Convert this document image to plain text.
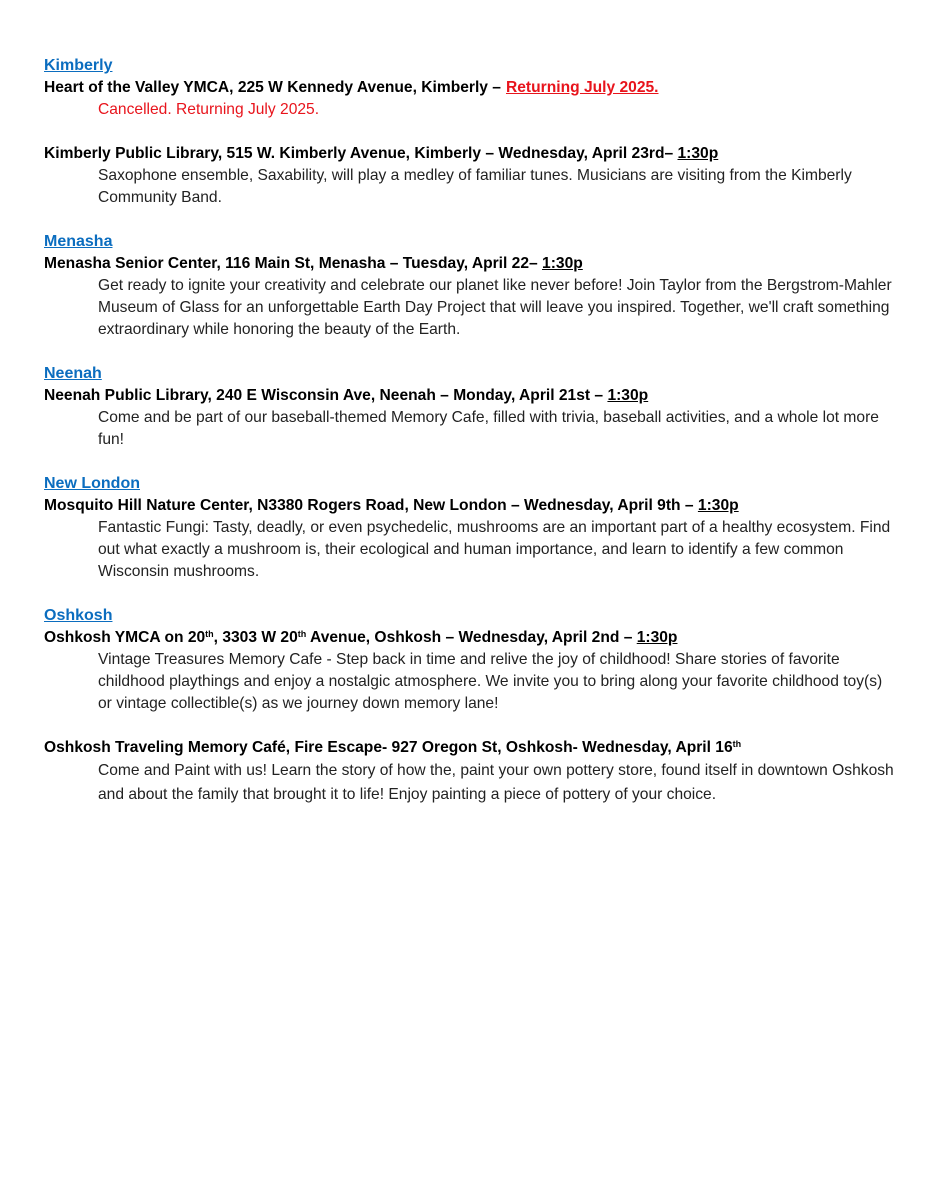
Kimberly
Heart of the Valley YMCA, 225 W Kennedy Avenue, Kimberly – Returning July 2025.
Cancelled. Returning July 2025.
Kimberly Public Library, 515 W. Kimberly Avenue, Kimberly – Wednesday, April 23rd– 1:30p
Saxophone ensemble, Saxability, will play a medley of familiar tunes. Musicians are visiting from the Kimberly Community Band.
Menasha
Menasha Senior Center, 116 Main St, Menasha – Tuesday, April 22– 1:30p
Get ready to ignite your creativity and celebrate our planet like never before! Join Taylor from the Bergstrom-Mahler Museum of Glass for an unforgettable Earth Day Project that will leave you inspired. Together, we'll craft something extraordinary while honoring the beauty of the Earth.
Neenah
Neenah Public Library, 240 E Wisconsin Ave, Neenah – Monday, April 21st – 1:30p
Come and be part of our baseball-themed Memory Cafe, filled with trivia, baseball activities, and a whole lot more fun!
New London
Mosquito Hill Nature Center, N3380 Rogers Road, New London – Wednesday, April 9th – 1:30p
Fantastic Fungi: Tasty, deadly, or even psychedelic, mushrooms are an important part of a healthy ecosystem. Find out what exactly a mushroom is, their ecological and human importance, and learn to identify a few common Wisconsin mushrooms.
Oshkosh
Oshkosh YMCA on 20th, 3303 W 20th Avenue, Oshkosh – Wednesday, April 2nd – 1:30p
Vintage Treasures Memory Cafe - Step back in time and relive the joy of childhood! Share stories of favorite childhood playthings and enjoy a nostalgic atmosphere. We invite you to bring along your favorite childhood toy(s) or vintage collectible(s) as we journey down memory lane!
Oshkosh Traveling Memory Café, Fire Escape- 927 Oregon St, Oshkosh- Wednesday, April 16th
Come and Paint with us! Learn the story of how the, paint your own pottery store, found itself in downtown Oshkosh and about the family that brought it to life! Enjoy painting a piece of pottery of your choice.
